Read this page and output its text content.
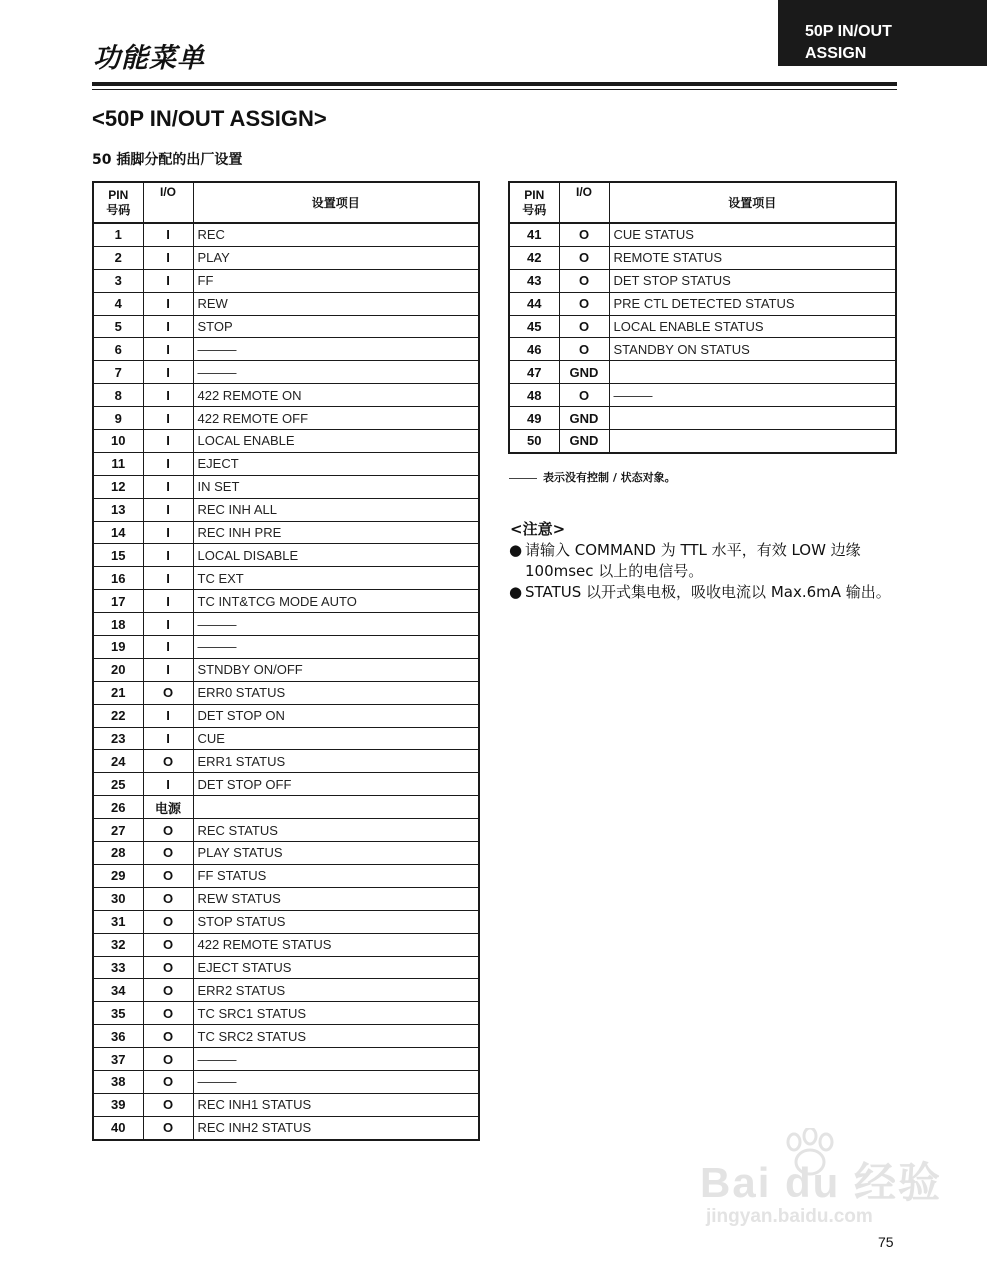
功能菜单
50P IN/OUT
ASSIGN
<50P IN/OUT ASSIGN>
50 插脚分配的出厂设置
PIN
号码	I/O	设置项目
1	I	REC
2	I	PLAY
3	I	FF
4	I	REW
5	I	STOP
6	I	———
7	I	———
8	I	422 REMOTE ON
9	I	422 REMOTE OFF
10	I	LOCAL ENABLE
11	I	EJECT
12	I	IN SET
13	I	REC INH ALL
14	I	REC INH PRE
15	I	LOCAL DISABLE
16	I	TC EXT
17	I	TC INT&TCG MODE AUTO
18	I	———
19	I	———
20	I	STNDBY ON/OFF
21	O	ERR0 STATUS
22	I	DET STOP ON
23	I	CUE
24	O	ERR1 STATUS
25	I	DET STOP OFF
26	电源	
27	O	REC STATUS
28	O	PLAY STATUS
29	O	FF STATUS
30	O	REW STATUS
31	O	STOP STATUS
32	O	422 REMOTE STATUS
33	O	EJECT STATUS
34	O	ERR2 STATUS
35	O	TC SRC1 STATUS
36	O	TC SRC2 STATUS
37	O	———
38	O	———
39	O	REC INH1 STATUS
40	O	REC INH2 STATUS
PIN
号码	I/O	设置项目
41	O	CUE STATUS
42	O	REMOTE STATUS
43	O	DET STOP STATUS
44	O	PRE CTL DETECTED STATUS
45	O	LOCAL ENABLE STATUS
46	O	STANDBY ON STATUS
47	GND	
48	O	———
49	GND	
50	GND	
表示没有控制 / 状态对象。
<注意>
● 请输入 COMMAND 为 TTL 水平，有效 LOW 边缘 100msec 以上的电信号。
● STATUS 以开式集电极，吸收电流以 Max.6mA 输出。
Bai du 经验
jingyan.baidu.com
75
